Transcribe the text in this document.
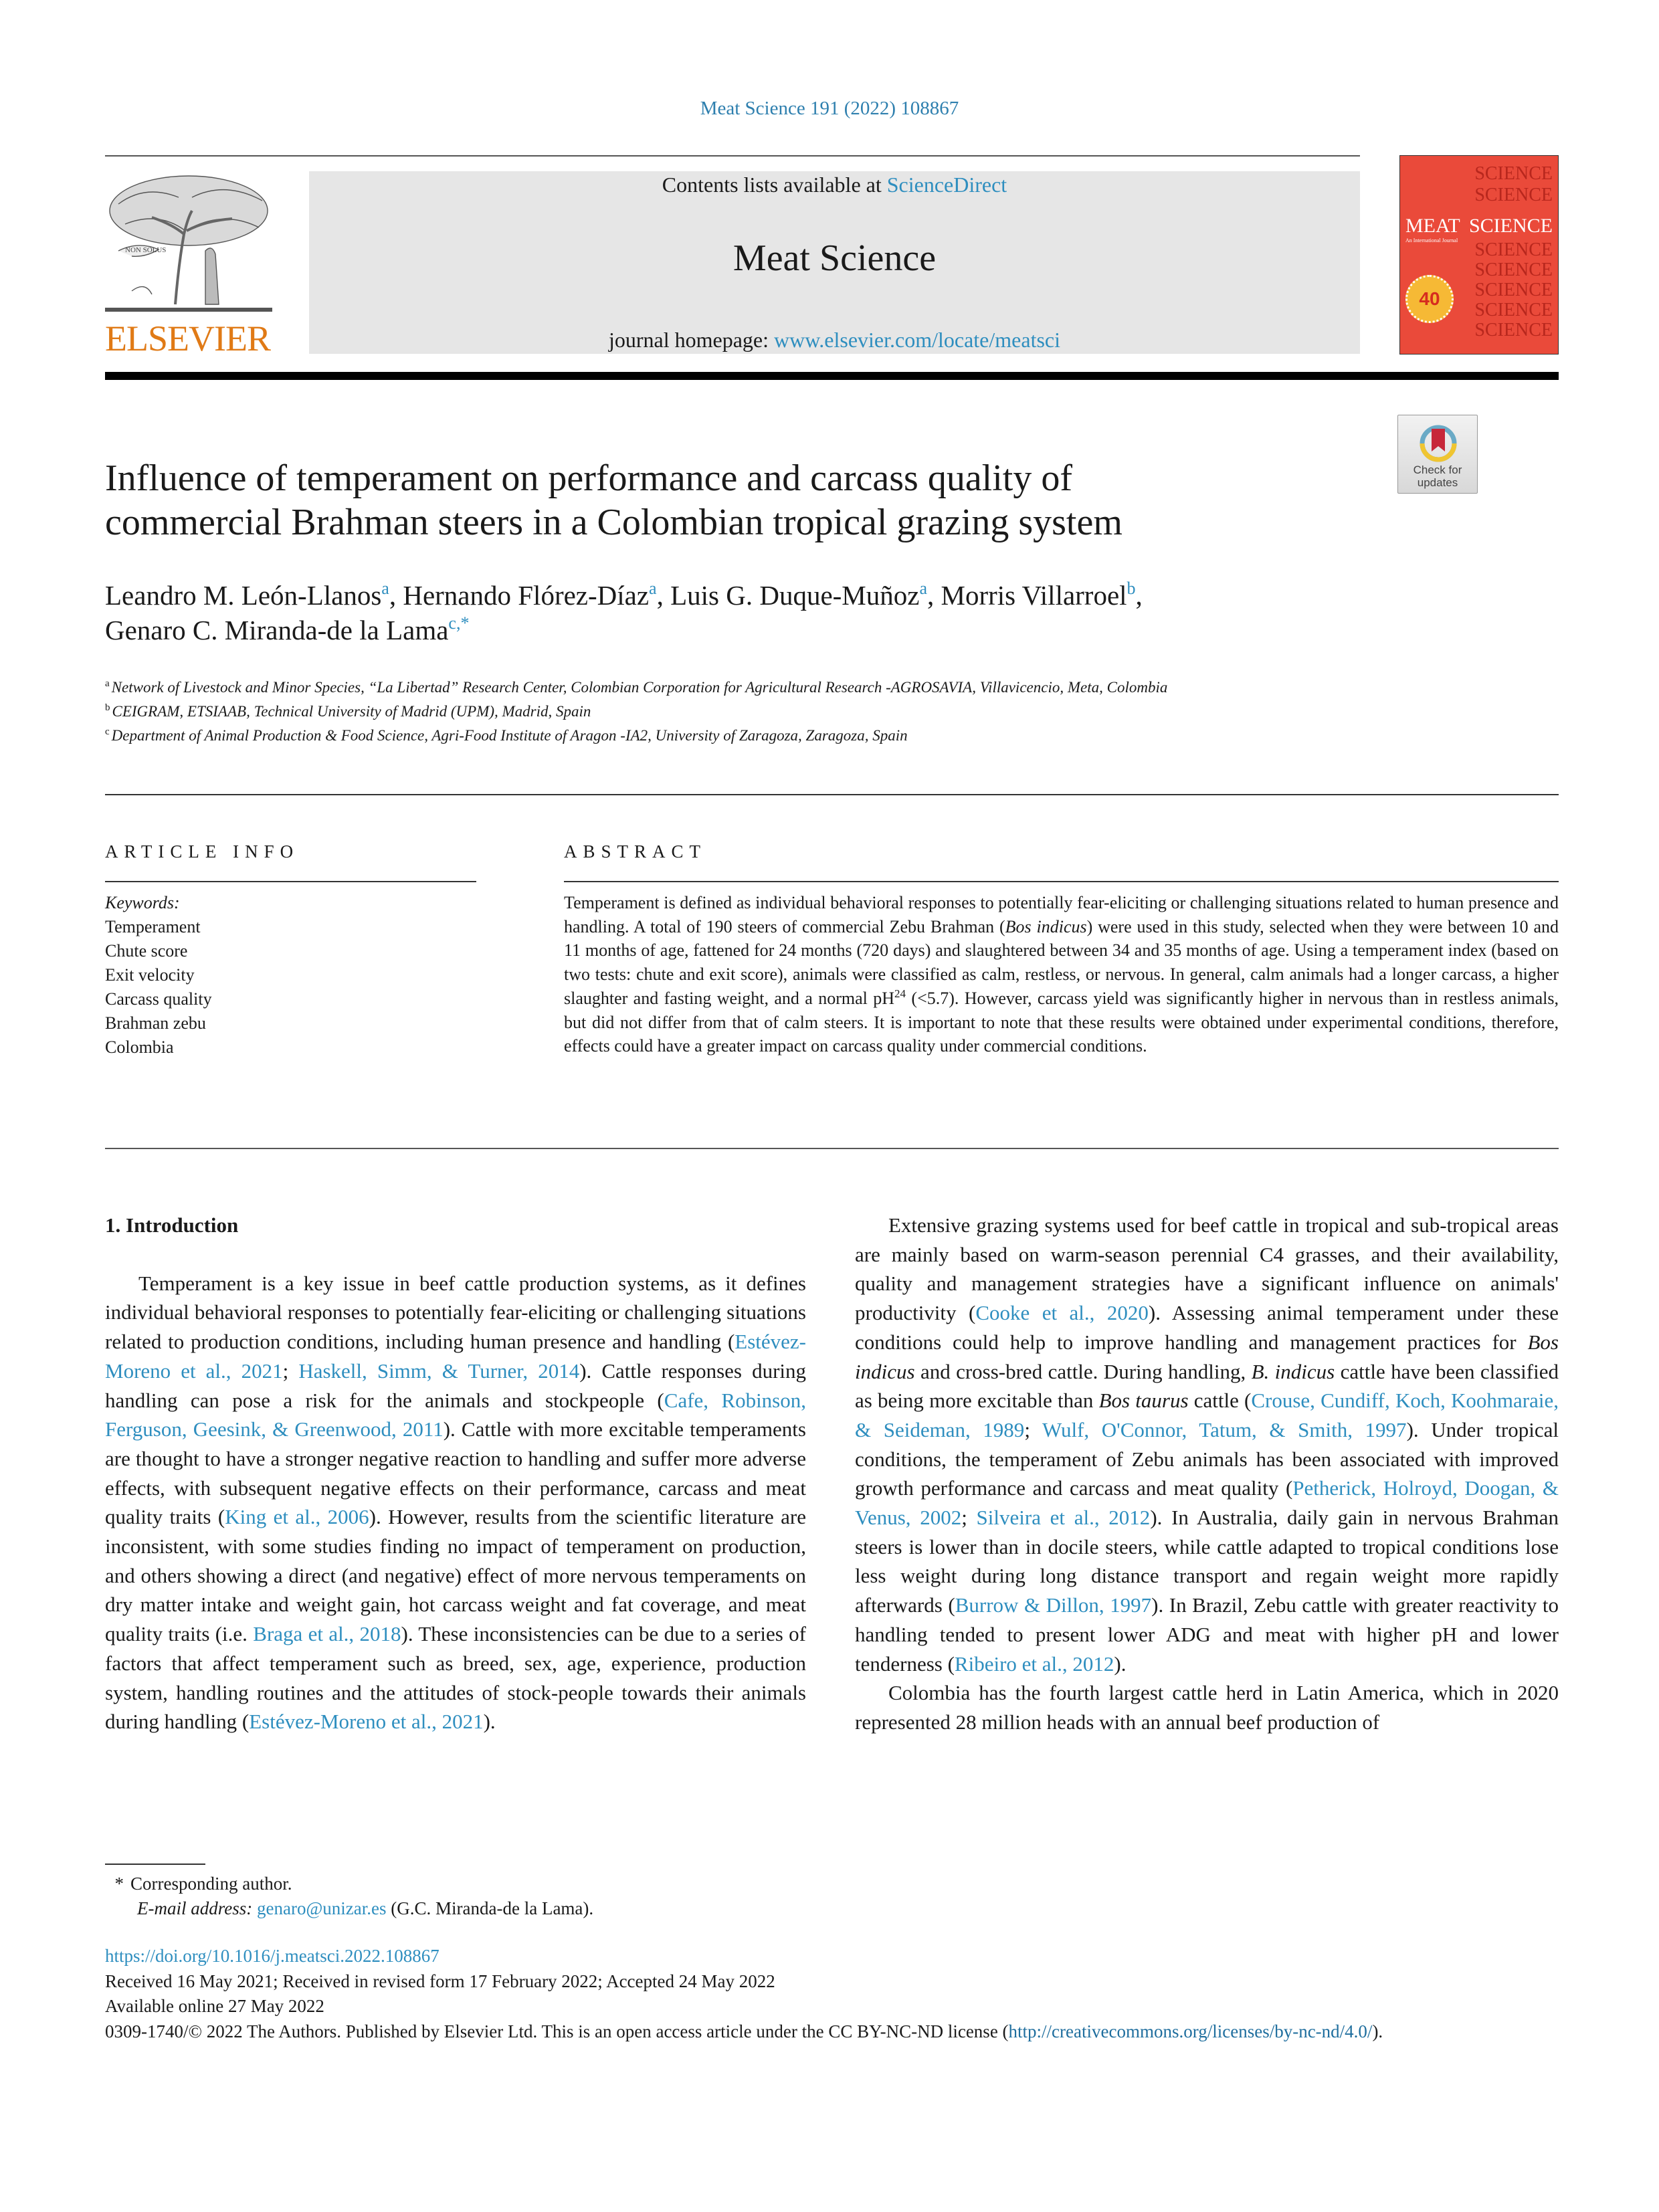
Meat Science 191 (2022) 108867
NON SOLUS
ELSEVIER
Contents lists available at ScienceDirect
Meat Science
journal homepage: www.elsevier.com/locate/meatsci
SCIENCE
SCIENCE
MEAT SCIENCE
An International Journal SCIENCE
SCIENCE
SCIENCE
SCIENCE
SCIENCE
40
Check for
updates
Influence of temperament on performance and carcass quality of
commercial Brahman steers in a Colombian tropical grazing system
Leandro M. León-Llanos$^a$, Hernando Flórez-Díaz$^a$, Luis G. Duque-Muñoz$^a$, Morris Villarroel$^b$,
Genaro C. Miranda-de la Lama$^{c,*}$
$^a$ Network of Livestock and Minor Species, “La Libertad” Research Center, Colombian Corporation for Agricultural Research -AGROSAVIA, Villavicencio, Meta, Colombia
$^b$ CEIGRAM, ETSIAAB, Technical University of Madrid (UPM), Madrid, Spain
$^c$ Department of Animal Production & Food Science, Agri-Food Institute of Aragon -IA2, University of Zaragoza, Zaragoza, Spain
ARTICLE INFO	ABSTRACT
Keywords:
Temperament
Chute score
Exit velocity
Carcass quality
Brahman zebu
Colombia
Temperament is defined as individual behavioral responses to potentially fear-eliciting or challenging situations related to human presence and handling. A total of 190 steers of commercial Zebu Brahman (Bos indicus) were used in this study, selected when they were between 10 and 11 months of age, fattened for 24 months (720 days) and slaughtered between 34 and 35 months of age. Using a temperament index (based on two tests: chute and exit score), animals were classified as calm, restless, or nervous. In general, calm animals had a longer carcass, a higher slaughter and fasting weight, and a normal $pH^{24}$ (<5.7). However, carcass yield was significantly higher in nervous than in restless animals, but did not differ from that of calm steers. It is important to note that these results were obtained under experimental conditions, therefore, effects could have a greater impact on carcass quality under commercial conditions.
1. Introduction

Temperament is a key issue in beef cattle production systems, as it defines individual behavioral responses to potentially fear-eliciting or challenging situations related to production conditions, including human presence and handling (Estévez-Moreno et al., 2021; Haskell, Simm, & Turner, 2014). Cattle responses during handling can pose a risk for the animals and stockpeople (Cafe, Robinson, Ferguson, Geesink, & Greenwood, 2011). Cattle with more excitable temperaments are thought to have a stronger negative reaction to handling and suffer more adverse effects, with subsequent negative effects on their performance, carcass and meat quality traits (King et al., 2006). However, results from the scientific literature are inconsistent, with some studies finding no impact of temperament on production, and others showing a direct (and negative) effect of more nervous temperaments on dry matter intake and weight gain, hot carcass weight and fat coverage, and meat quality traits (i.e. Braga et al., 2018). These inconsistencies can be due to a series of factors that affect temperament such as breed, sex, age, experience, production system, handling routines and the attitudes of stock-people towards their animals during handling (Estévez-Moreno et al., 2021).

Extensive grazing systems used for beef cattle in tropical and sub-tropical areas are mainly based on warm-season perennial C4 grasses, and their availability, quality and management strategies have a significant influence on animals' productivity (Cooke et al., 2020). Assessing animal temperament under these conditions could help to improve handling and management practices for Bos indicus and cross-bred cattle. During handling, B. indicus cattle have been classified as being more excitable than Bos taurus cattle (Crouse, Cundiff, Koch, Koohmaraie, & Seideman, 1989; Wulf, O'Connor, Tatum, & Smith, 1997). Under tropical conditions, the temperament of Zebu animals has been associated with improved growth performance and carcass and meat quality (Petherick, Holroyd, Doogan, & Venus, 2002; Silveira et al., 2012). In Australia, daily gain in nervous Brahman steers is lower than in docile steers, while cattle adapted to tropical conditions lose less weight during long distance transport and regain weight more rapidly afterwards (Burrow & Dillon, 1997). In Brazil, Zebu cattle with greater reactivity to handling tended to present lower ADG and meat with higher pH and lower tenderness (Ribeiro et al., 2012).

Colombia has the fourth largest cattle herd in Latin America, which in 2020 represented 28 million heads with an annual beef production of

* Corresponding author.
E-mail address: genaro@unizar.es (G.C. Miranda-de la Lama).
https://doi.org/10.1016/j.meatsci.2022.108867
Received 16 May 2021; Received in revised form 17 February 2022; Accepted 24 May 2022
Available online 27 May 2022
0309-1740/© 2022 The Authors. Published by Elsevier Ltd. This is an open access article under the CC BY-NC-ND license (http://creativecommons.org/licenses/by-nc-nd/4.0/).
